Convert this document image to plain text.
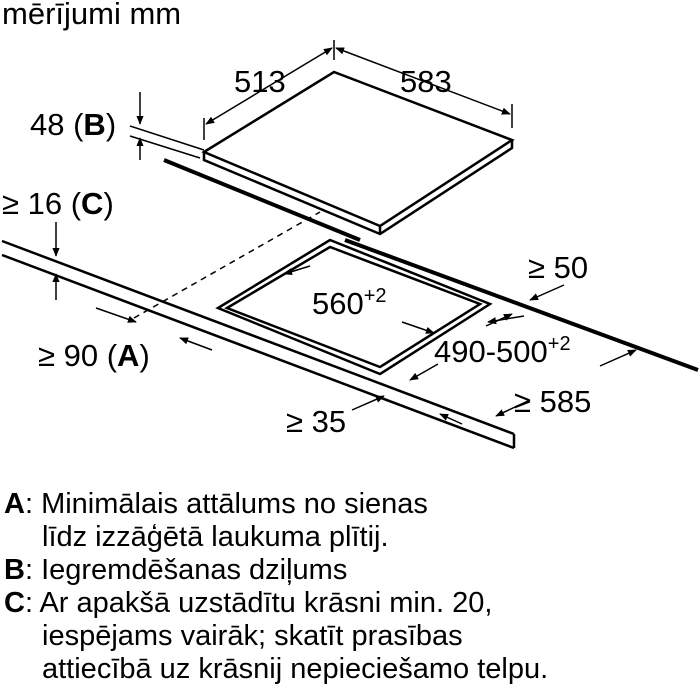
mērījumi mm
513	583
48 (B)
≥ 16 (C)
≥ 90 (A)
$560^{+2}$
≥ 50
$490-500^{+2}$
≥ 585
≥ 35
A: Minimālais attālums no sienas
līdz izzāģētā laukuma plītij.
B: Iegremdēšanas dziļums
C: Ar apakšā uzstādītu krāsni min. 20,
iespējams vairāk; skatīt prasības
attiecībā uz krāsnij nepieciešamo telpu.
